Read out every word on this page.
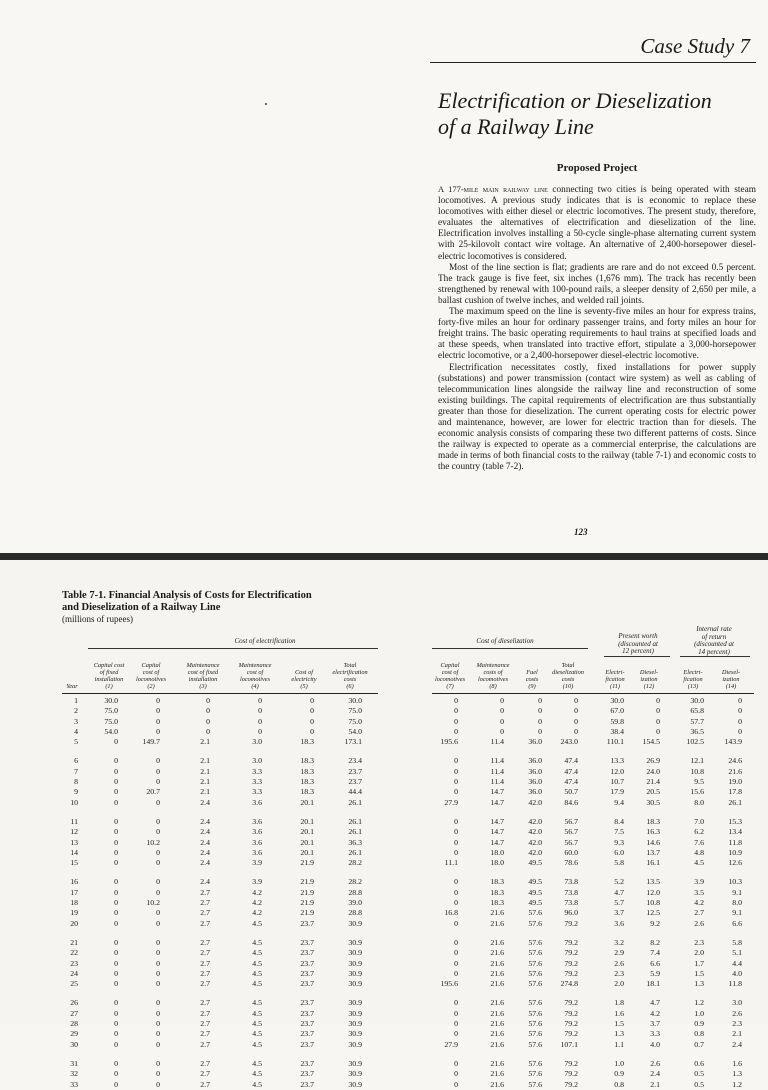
Case Study 7
Electrification or Dieselization
of a Railway Line
Proposed Project

A 177-mile main railway line connecting two cities is being operated with steam locomotives. A previous study indicates that is is economic to replace these locomotives with either diesel or electric locomotives. The present study, therefore, evaluates the alternatives of electrification and dieselization of the line. Electrification involves installing a 50-cycle single-phase alternating current system with 25-kilovolt contact wire voltage. An alternative of 2,400-horsepower diesel-electric locomotives is considered.

Most of the line section is flat; gradients are rare and do not exceed 0.5 percent. The track gauge is five feet, six inches (1,676 mm). The track has recently been strengthened by renewal with 100-pound rails, a sleeper density of 2,650 per mile, a ballast cushion of twelve inches, and welded rail joints.

The maximum speed on the line is seventy-five miles an hour for express trains, forty-five miles an hour for ordinary passenger trains, and forty miles an hour for freight trains. The basic operating requirements to haul trains at specified loads and at these speeds, when translated into tractive effort, stipulate a 3,000-horsepower electric locomotive, or a 2,400-horsepower diesel-electric locomotive.

Electrification necessitates costly, fixed installations for power supply (substations) and power transmission (contact wire system) as well as cabling of telecommunication lines alongside the railway line and reconstruction of some existing buildings. The capital requirements of electrification are thus substantially greater than those for dieselization. The current operating costs for electric power and maintenance, however, are lower for electric traction than for diesels. The economic analysis consists of comparing these two different patterns of costs. Since the railway is expected to operate as a commercial enterprise, the calculations are made in terms of both financial costs to the railway (table 7-1) and economic costs to the country (table 7-2).

123
Table 7-1. Financial Analysis of Costs for Electrification
and Dieselization of a Railway Line
(millions of rupees)
Cost of electrification	Cost of dieselization
Present worth
(discounted at
12 percent)
Internal rate
of return
(discounted at
14 percent)
Year
Capital cost
of fixed
installation
(1)
Capital
cost of
locomotives
(2)
Maintenance
cost of fixed
installation
(3)
Maintenance
cost of
locomotives
(4)
Cost of
electricity
(5)
Total
electrification
costs
(6)
Capital
cost of
locomotives
(7)
Maintenance
costs of
locomotives
(8)
Fuel
costs
(9)
Total
dieselization
costs
(10)
Electri-
fication
(11)
Diesel-
ization
(12)
Electri-
fication
(13)
Diesel-
ization
(14)
1
2
3
4
5
6
7
8
9
10
11
12
13
14
15
16
17
18
19
20
21
22
23
24
25
26
27
28
29
30
31
32
33
30.0
75.0
75.0
54.0
0
0
0
0
0
0
0
0
0
0
0
0
0
0
0
0
0
0
0
0
0
0
0
0
0
0
0
0
0
0
0
0
0
149.7
0
0
0
20.7
0
0
0
10.2
0
0
0
0
10.2
0
0
0
0
0
0
0
0
0
0
0
0
0
0
0
0
0
0
0
2.1
2.1
2.1
2.1
2.1
2.4
2.4
2.4
2.4
2.4
2.4
2.4
2.7
2.7
2.7
2.7
2.7
2.7
2.7
2.7
2.7
2.7
2.7
2.7
2.7
2.7
2.7
2.7
2.7
0
0
0
0
3.0
3.0
3.3
3.3
3.3
3.6
3.6
3.6
3.6
3.6
3.9
3.9
4.2
4.2
4.2
4.5
4.5
4.5
4.5
4.5
4.5
4.5
4.5
4.5
4.5
4.5
4.5
4.5
4.5
0
0
0
0
18.3
18.3
18.3
18.3
18.3
20.1
20.1
20.1
20.1
20.1
21.9
21.9
21.9
21.9
21.9
23.7
23.7
23.7
23.7
23.7
23.7
23.7
23.7
23.7
23.7
23.7
23.7
23.7
23.7
30.0
75.0
75.0
54.0
173.1
23.4
23.7
23.7
44.4
26.1
26.1
26.1
36.3
26.1
28.2
28.2
28.8
39.0
28.8
30.9
30.9
30.9
30.9
30.9
30.9
30.9
30.9
30.9
30.9
30.9
30.9
30.9
30.9
0
0
0
0
195.6
0
0
0
0
27.9
0
0
0
0
11.1
0
0
0
16.8
0
0
0
0
0
195.6
0
0
0
0
27.9
0
0
0
0
0
0
0
11.4
11.4
11.4
11.4
14.7
14.7
14.7
14.7
14.7
18.0
18.0
18.3
18.3
18.3
21.6
21.6
21.6
21.6
21.6
21.6
21.6
21.6
21.6
21.6
21.6
21.6
21.6
21.6
21.6
0
0
0
0
36.0
36.0
36.0
36.0
36.0
42.0
42.0
42.0
42.0
42.0
49.5
49.5
49.5
49.5
57.6
57.6
57.6
57.6
57.6
57.6
57.6
57.6
57.6
57.6
57.6
57.6
57.6
57.6
57.6
0
0
0
0
243.0
47.4
47.4
47.4
50.7
84.6
56.7
56.7
56.7
60.0
78.6
73.8
73.8
73.8
96.0
79.2
79.2
79.2
79.2
79.2
274.8
79.2
79.2
79.2
79.2
107.1
79.2
79.2
79.2
30.0
67.0
59.8
38.4
110.1
13.3
12.0
10.7
17.9
9.4
8.4
7.5
9.3
6.0
5.8
5.2
4.7
5.7
3.7
3.6
3.2
2.9
2.6
2.3
2.0
1.8
1.6
1.5
1.3
1.1
1.0
0.9
0.8
0
0
0
0
154.5
26.9
24.0
21.4
20.5
30.5
18.3
16.3
14.6
13.7
16.1
13.5
12.0
10.8
12.5
9.2
8.2
7.4
6.6
5.9
18.1
4.7
4.2
3.7
3.3
4.0
2.6
2.4
2.1
30.0
65.8
57.7
36.5
102.5
12.1
10.8
9.5
15.6
8.0
7.0
6.2
7.6
4.8
4.5
3.9
3.5
4.2
2.7
2.6
2.3
2.0
1.7
1.5
1.3
1.2
1.0
0.9
0.8
0.7
0.6
0.5
0.5
0
0
0
0
143.9
24.6
21.6
19.0
17.8
26.1
15.3
13.4
11.8
10.9
12.6
10.3
9.1
8.0
9.1
6.6
5.8
5.1
4.4
4.0
11.8
3.0
2.6
2.3
2.1
2.4
1.6
1.3
1.2
